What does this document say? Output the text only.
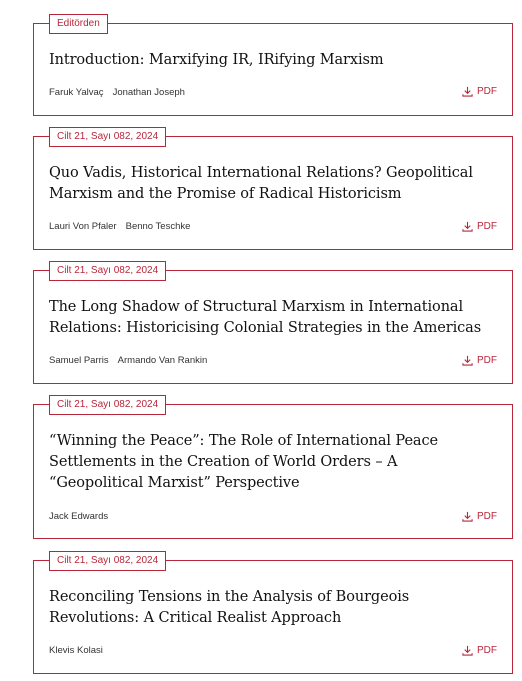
Editörden
Introduction: Marxifying IR, IRifying Marxism
Faruk Yalvaç Jonathan Joseph	PDF
Cilt 21, Sayı 082, 2024
Quo Vadis, Historical International Relations? Geopolitical Marxism and the Promise of Radical Historicism
Lauri Von Pfaler Benno Teschke	PDF
Cilt 21, Sayı 082, 2024
The Long Shadow of Structural Marxism in International Relations: Historicising Colonial Strategies in the Americas
Samuel Parris Armando Van Rankin	PDF
Cilt 21, Sayı 082, 2024
“Winning the Peace”: The Role of International Peace Settlements in the Creation of World Orders – A “Geopolitical Marxist” Perspective
Jack Edwards	PDF
Cilt 21, Sayı 082, 2024
Reconciling Tensions in the Analysis of Bourgeois Revolutions: A Critical Realist Approach
Klevis Kolasi	PDF
